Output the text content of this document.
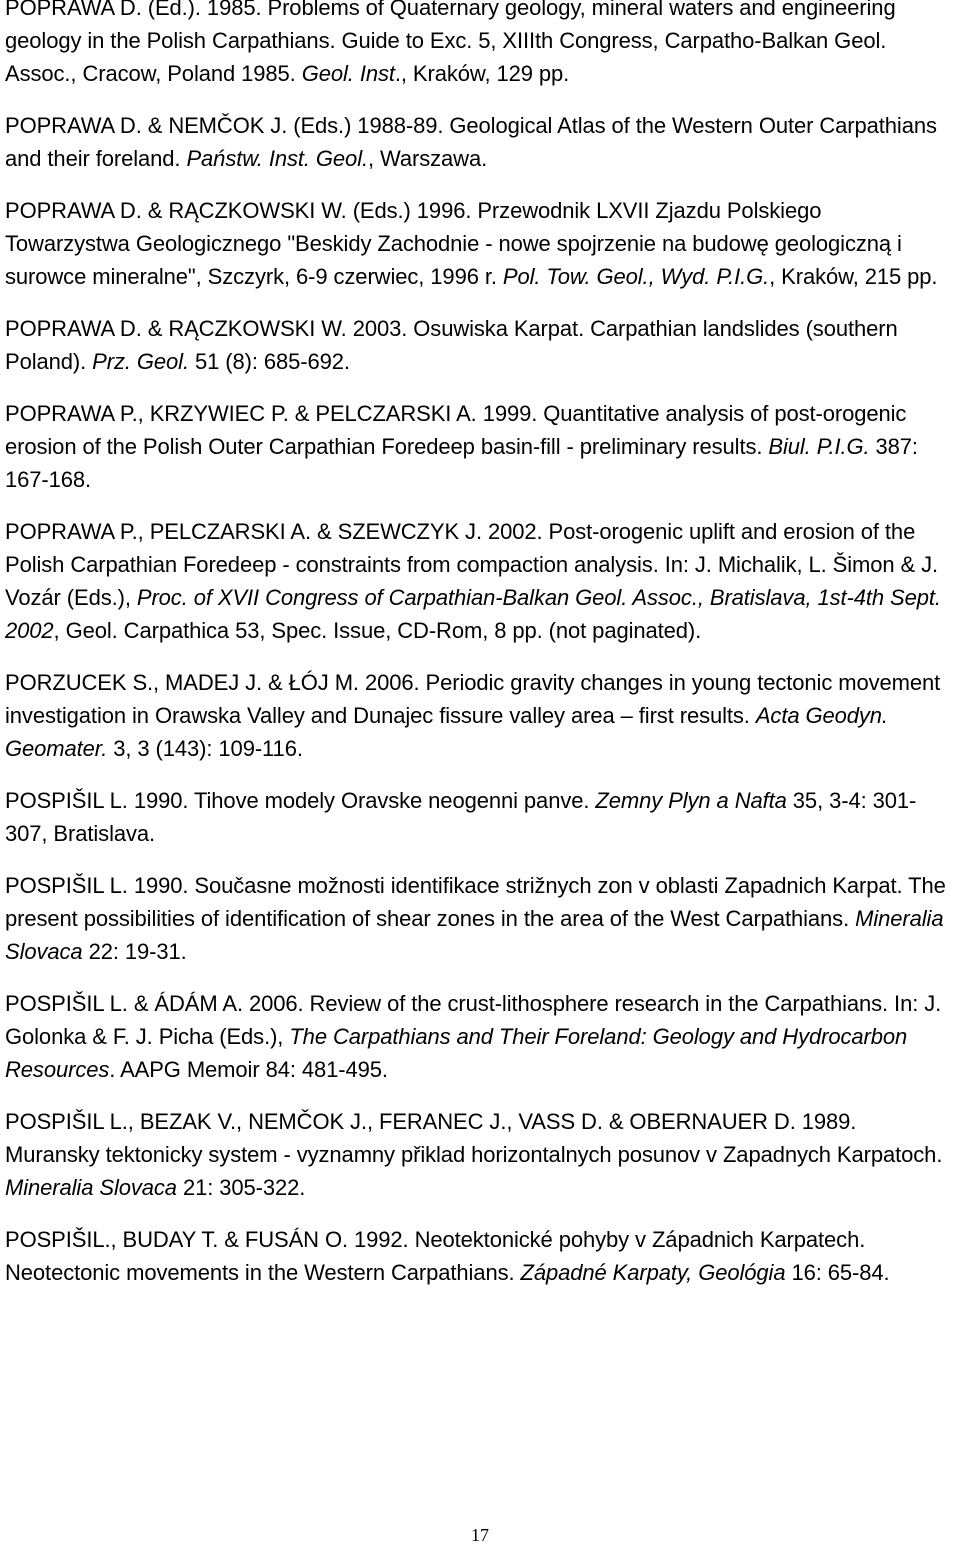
POPRAWA D. (Ed.). 1985. Problems of Quaternary geology, mineral waters and engineering geology in the Polish Carpathians. Guide to Exc. 5, XIIIth Congress, Carpatho-Balkan Geol. Assoc., Cracow, Poland 1985. Geol. Inst., Kraków, 129 pp.

POPRAWA D. & NEMČOK J. (Eds.) 1988-89. Geological Atlas of the Western Outer Carpathians and their foreland. Państw. Inst. Geol., Warszawa.

POPRAWA D. & RĄCZKOWSKI W. (Eds.) 1996. Przewodnik LXVII Zjazdu Polskiego Towarzystwa Geologicznego "Beskidy Zachodnie - nowe spojrzenie na budowę geologiczną i surowce mineralne", Szczyrk, 6-9 czerwiec, 1996 r. Pol. Tow. Geol., Wyd. P.I.G., Kraków, 215 pp.

POPRAWA D. & RĄCZKOWSKI W. 2003. Osuwiska Karpat. Carpathian landslides (southern Poland). Prz. Geol. 51 (8): 685-692.

POPRAWA P., KRZYWIEC P. & PELCZARSKI A. 1999. Quantitative analysis of post-orogenic erosion of the Polish Outer Carpathian Foredeep basin-fill - preliminary results. Biul. P.I.G. 387: 167-168.

POPRAWA P., PELCZARSKI A. & SZEWCZYK J. 2002. Post-orogenic uplift and erosion of the Polish Carpathian Foredeep - constraints from compaction analysis. In: J. Michalik, L. Šimon & J. Vozár (Eds.), Proc. of XVII Congress of Carpathian-Balkan Geol. Assoc., Bratislava, 1st-4th Sept. 2002, Geol. Carpathica 53, Spec. Issue, CD-Rom, 8 pp. (not paginated).

PORZUCEK S., MADEJ J. & ŁÓJ M. 2006. Periodic gravity changes in young tectonic movement investigation in Orawska Valley and Dunajec fissure valley area – first results. Acta Geodyn. Geomater. 3, 3 (143): 109-116.

POSPIŠIL L. 1990. Tihove modely Oravske neogenni panve. Zemny Plyn a Nafta 35, 3-4: 301-307, Bratislava.

POSPIŠIL L. 1990. Současne možnosti identifikace strižnych zon v oblasti Zapadnich Karpat. The present possibilities of identification of shear zones in the area of the West Carpathians. Mineralia Slovaca 22: 19-31.

POSPIŠIL L. & ÁDÁM A. 2006. Review of the crust-lithosphere research in the Carpathians. In: J. Golonka & F. J. Picha (Eds.), The Carpathians and Their Foreland: Geology and Hydrocarbon Resources. AAPG Memoir 84: 481-495.

POSPIŠIL L., BEZAK V., NEMČOK J., FERANEC J., VASS D. & OBERNAUER D. 1989. Muransky tektonicky system - vyznamny přiklad horizontalnych posunov v Zapadnych Karpatoch. Mineralia Slovaca 21: 305-322.

POSPIŠIL., BUDAY T. & FUSÁN O. 1992. Neotektonické pohyby v Západnich Karpatech. Neotectonic movements in the Western Carpathians. Západné Karpaty, Geológia 16: 65-84.

17
